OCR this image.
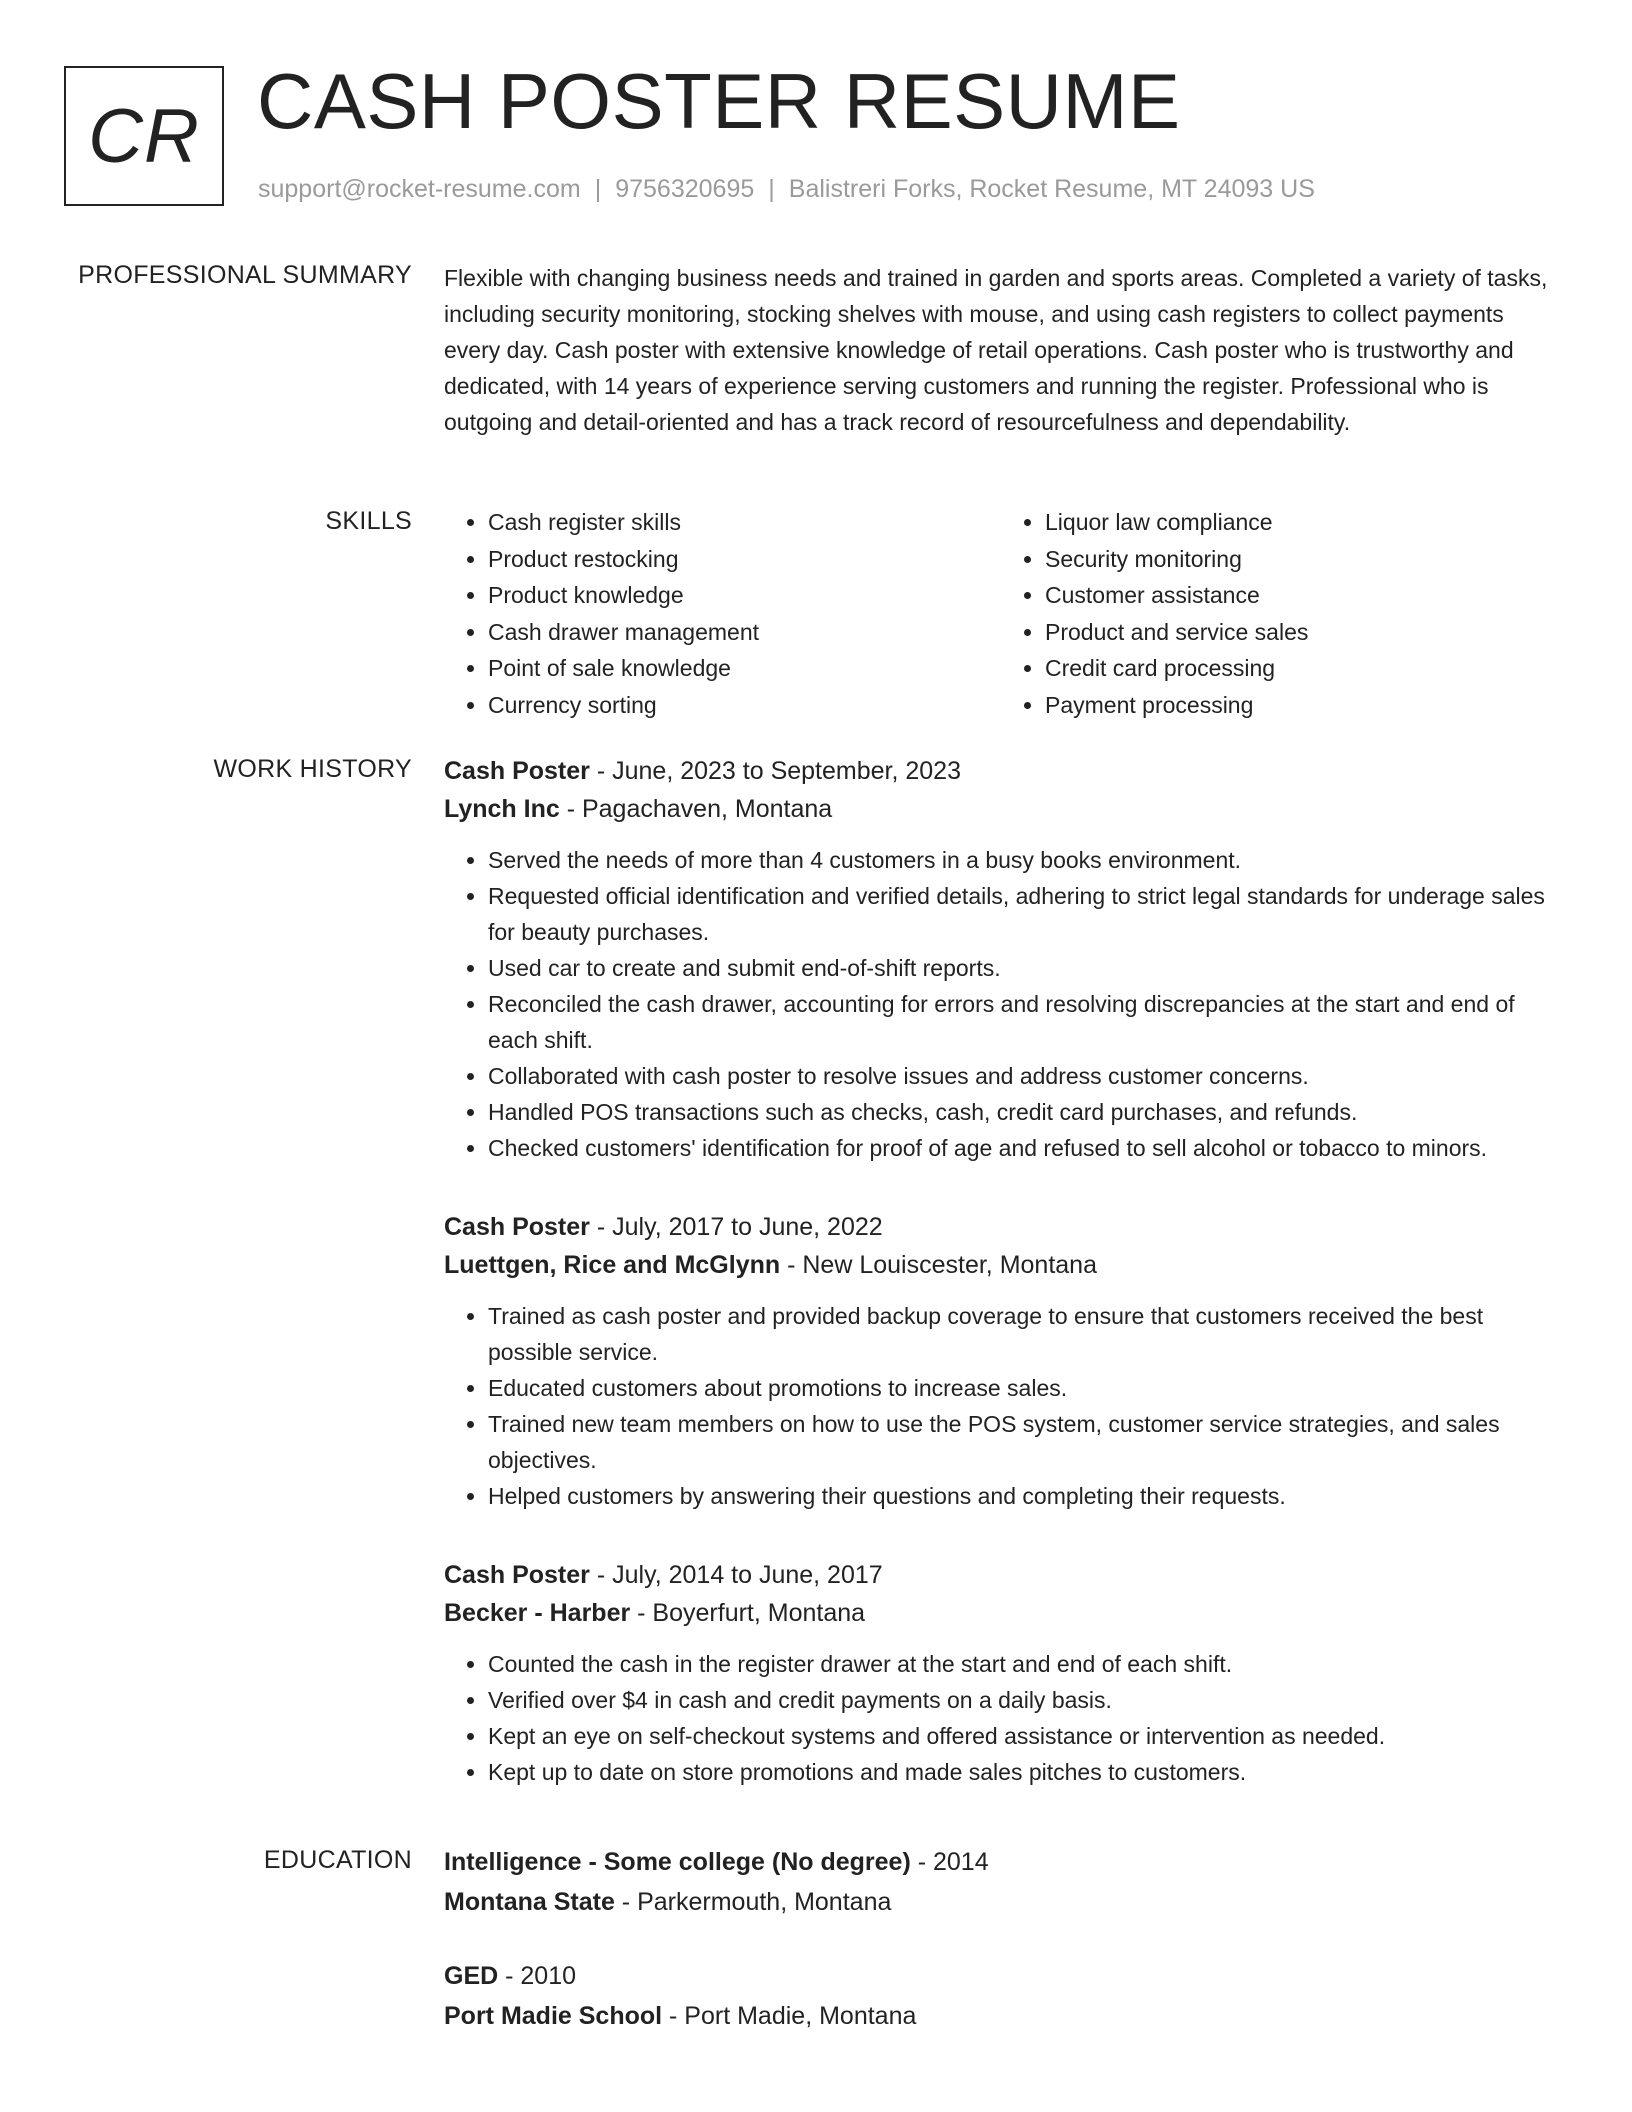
CR CASH POSTER RESUME
support@rocket-resume.com | 9756320695 | Balistreri Forks, Rocket Resume, MT 24093 US
PROFESSIONAL SUMMARY Flexible with changing business needs and trained in garden and sports areas. Completed a variety of tasks, including security monitoring, stocking shelves with mouse, and using cash registers to collect payments every day. Cash poster with extensive knowledge of retail operations. Cash poster who is trustworthy and dedicated, with 14 years of experience serving customers and running the register. Professional who is outgoing and detail-oriented and has a track record of resourcefulness and dependability.

SKILLS
•	Cash register skills
• Product restocking
• Product knowledge
• Cash drawer management
• Point of sale knowledge
• Currency sorting
• Liquor law compliance
• Security monitoring
• Customer assistance
• Product and service sales
• Credit card processing
• Payment processing
WORK HISTORY Cash Poster - June, 2023 to September, 2023
Lynch Inc - Pagachaven, Montana
• Served the needs of more than 4 customers in a busy books environment.
• Requested official identification and verified details, adhering to strict legal standards for underage sales for beauty purchases.
• Used car to create and submit end-of-shift reports.
• Reconciled the cash drawer, accounting for errors and resolving discrepancies at the start and end of each shift.
• Collaborated with cash poster to resolve issues and address customer concerns.
• Handled POS transactions such as checks, cash, credit card purchases, and refunds.
• Checked customers' identification for proof of age and refused to sell alcohol or tobacco to minors.
Cash Poster - July, 2017 to June, 2022
Luettgen, Rice and McGlynn - New Louiscester, Montana
• Trained as cash poster and provided backup coverage to ensure that customers received the best possible service.
• Educated customers about promotions to increase sales.
• Trained new team members on how to use the POS system, customer service strategies, and sales objectives.
• Helped customers by answering their questions and completing their requests.
Cash Poster - July, 2014 to June, 2017
Becker - Harber - Boyerfurt, Montana
• Counted the cash in the register drawer at the start and end of each shift.
• Verified over $4 in cash and credit payments on a daily basis.
• Kept an eye on self-checkout systems and offered assistance or intervention as needed.
• Kept up to date on store promotions and made sales pitches to customers.
EDUCATION Intelligence - Some college (No degree) - 2014
Montana State - Parkermouth, Montana
GED - 2010
Port Madie School - Port Madie, Montana
